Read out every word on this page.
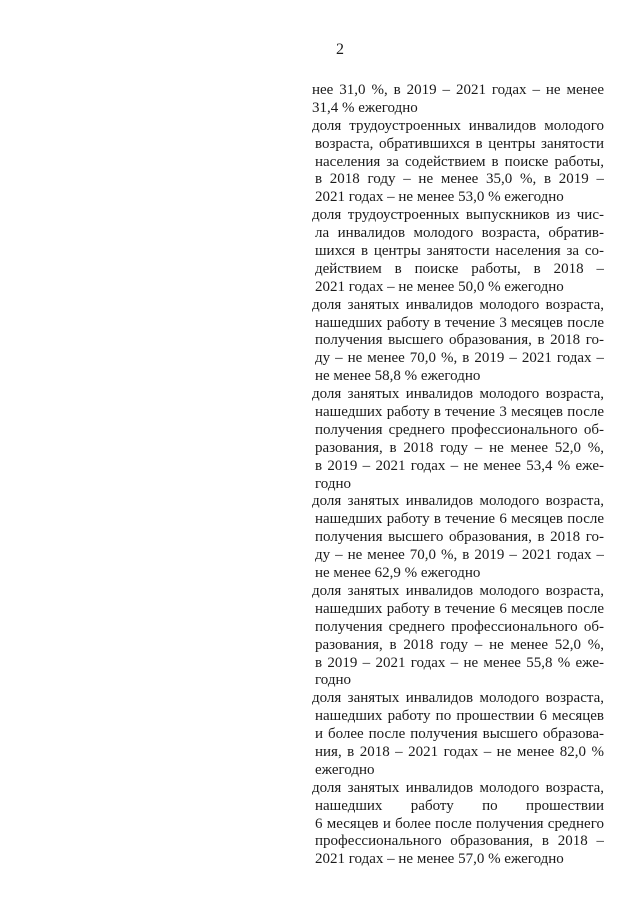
2
нее 31,0 %, в 2019 – 2021 годах – не менее
31,4 % ежегодно
доля трудоустроенных инвалидов молодого
возраста, обратившихся в центры занятости
населения за содействием в поиске работы,
в 2018 году – не менее 35,0 %, в 2019 –
2021 годах – не менее 53,0 % ежегодно
доля трудоустроенных выпускников из чис-
ла инвалидов молодого возраста, обратив-
шихся в центры занятости населения за со-
действием в поиске работы, в 2018 –
2021 годах – не менее 50,0 % ежегодно
доля занятых инвалидов молодого возраста,
нашедших работу в течение 3 месяцев после
получения высшего образования, в 2018 го-
ду – не менее 70,0 %, в 2019 – 2021 годах –
не менее 58,8 % ежегодно
доля занятых инвалидов молодого возраста,
нашедших работу в течение 3 месяцев после
получения среднего профессионального об-
разования, в 2018 году – не менее 52,0 %,
в 2019 – 2021 годах – не менее 53,4 % еже-
годно
доля занятых инвалидов молодого возраста,
нашедших работу в течение 6 месяцев после
получения высшего образования, в 2018 го-
ду – не менее 70,0 %, в 2019 – 2021 годах –
не менее 62,9 % ежегодно
доля занятых инвалидов молодого возраста,
нашедших работу в течение 6 месяцев после
получения среднего профессионального об-
разования, в 2018 году – не менее 52,0 %,
в 2019 – 2021 годах – не менее 55,8 % еже-
годно
доля занятых инвалидов молодого возраста,
нашедших работу по прошествии 6 месяцев
и более после получения высшего образова-
ния, в 2018 – 2021 годах – не менее 82,0 %
ежегодно
доля занятых инвалидов молодого возраста,
нашедших работу по прошествии
6 месяцев и более после получения среднего
профессионального образования, в 2018 –
2021 годах – не менее 57,0 % ежегодно
